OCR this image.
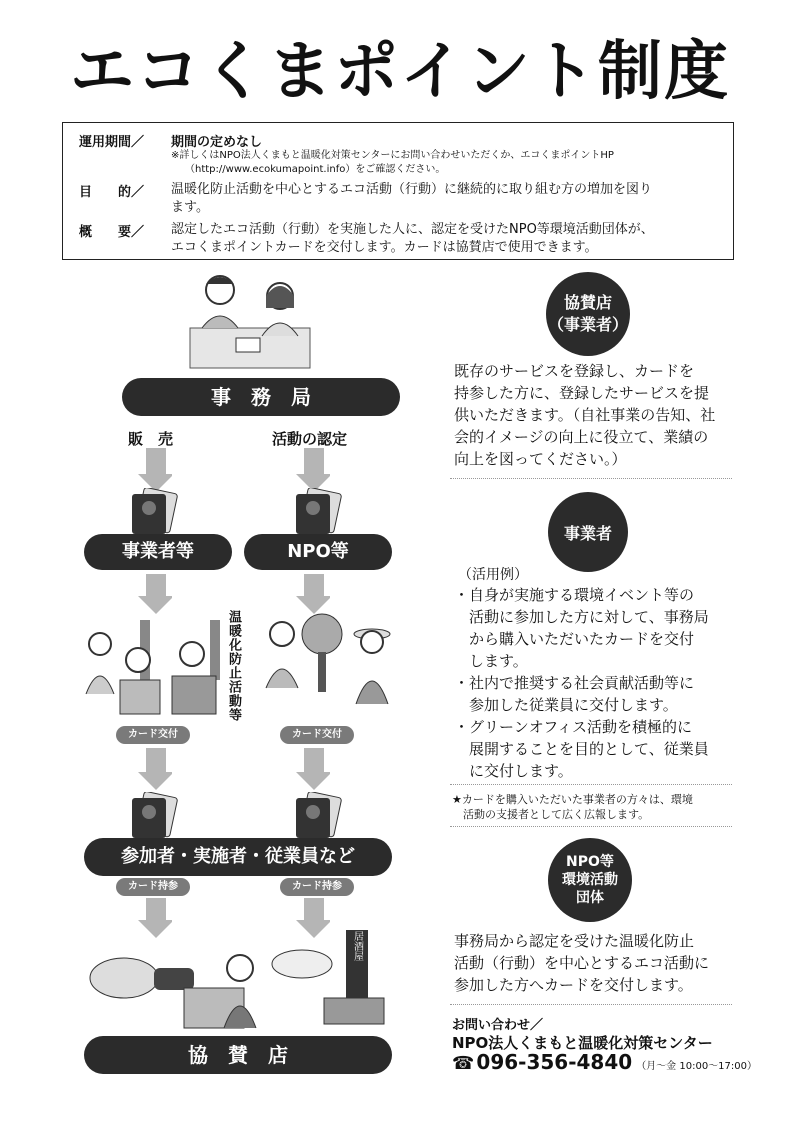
エコくまポイント制度
運用期間／ 期間の定めなし
※詳しくはNPO法人くまもと温暖化対策センターにお問い合わせいただくか、エコくまポイントHP
（http://www.ecokumapoint.info）をご確認ください。
目　　的／ 温暖化防止活動を中心とするエコ活動（行動）に継続的に取り組む方の増加を図り
ます。
概　　要／ 認定したエコ活動（行動）を実施した人に、認定を受けたNPO等環境活動団体が、
エコくまポイントカードを交付します。カードは協賛店で使用できます。
事　務　局
販　売	活動の認定
事業者等	NPO等
温暖化防止活動等
カード交付	カード交付
参加者・実施者・従業員など
カード持参	カード持参
居酒屋
協　賛　店
協賛店
（事業者）
既存のサービスを登録し、カードを
持参した方に、登録したサービスを提
供いただきます。（自社事業の告知、社
会的イメージの向上に役立て、業績の
向上を図ってください。）
事業者
（活用例）
・自身が実施する環境イベント等の
　活動に参加した方に対して、事務局
　から購入いただいたカードを交付
　します。
・社内で推奨する社会貢献活動等に
　参加した従業員に交付します。
・グリーンオフィス活動を積極的に
　展開することを目的として、従業員
　に交付します。
★カードを購入いただいた事業者の方々は、環境
　活動の支援者として広く広報します。
NPO等
環境活動
団体
事務局から認定を受けた温暖化防止
活動（行動）を中心とするエコ活動に
参加した方へカードを交付します。
お問い合わせ／
NPO法人くまもと温暖化対策センター
☎ 096-356-4840 （月〜金 10:00〜17:00）
